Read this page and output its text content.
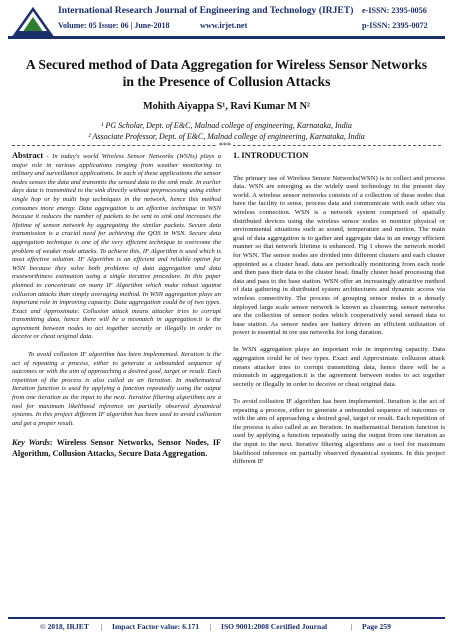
International Research Journal of Engineering and Technology (IRJET)	e-ISSN: 2395-0056
Volume: 05 Issue: 06 | June-2018	www.irjet.net	p-ISSN: 2395-0072
A Secured method of Data Aggregation for Wireless Sensor Networks in the Presence of Collusion Attacks
Mohith Aiyappa S¹, Ravi Kumar M N²
¹ PG Scholar, Dept. of E&C, Malnad college of engineering, Karnataka, India
² Associate Professor, Dept. of E&C, Malnad college of engineering, Karnataka, India
***

Abstract - In today's world Wireless Sensor Networks (WSNs) plays a major role in various applications ranging from weather monitoring to military and surveillance applications. In each of these applications the sensor nodes senses the data and transmits the sensed data to the sink node. In earlier days data is transmitted to the sink directly without preprocessing using either single hop or by multi hop techniques in the network, hence this method consumes more energy. Data aggregation is an effective technique in WSN because it reduces the number of packets to be sent to sink and increases the lifetime of sensor network by aggregating the similar packets. Secure data transmission is a crucial need for achieving the QOS in WSN. Secure data aggregation technique is one of the very efficient technique to overcome the problem of weaker node attacks. To achieve this, IF Algorithm is used which is most effective solution. IF Algorithm is an efficient and reliable option for WSN because they solve both problems of data aggregation and data trustworthiness estimation using a single iterative procedure. In this paper planned to concentrate on many IF Algorithm which make robust against collusion attacks than simply averaging method. In WSN aggregation plays an important role in improving capacity. Data aggregation could be of two types. Exact and Approximate. Collusion attack means attacker tries to corrupt transmitting data, hence there will be a mismatch in aggregation.it is the agreement between nodes to act together secretly or illegally in order to deceive or cheat original data.

To avoid collusion IF algorithm has been implemented. Iteration is the act of repeating a process, either to generate a unbounded sequence of outcomes or with the aim of approaching a desired goal, target or result. Each repetition of the process is also called as an Iteration. In mathematical Iteration function is used by applying a function repeatedly using the output from one iteration as the input to the next. Iterative filtering algorithms are a tool for maximum likelihood inference on partially observed dynamical systems. In this project different IF algorithm has been used to avoid collusion and get a proper result.

Key Words: Wireless Sensor Networks, Sensor Nodes, IF Algorithm, Collusion Attacks, Secure Data Aggregation.

1. INTRODUCTION

The primary use of Wireless Sensor Networks(WSN) is to collect and process data. WSN are emerging as the widely used technology in the present day world. A wireless sensor networks consists of a collection of these nodes that have the facility to sense, process data and communicate with each other via wireless connection. WSN is a network system comprised of spatially distributed devices using the wireless sensor nodes to monitor physical or environmental situations such as sound, temperature and motion. The main goal of data aggregation is to gather and aggregate data in an energy efficient manner so that network lifetime is enhanced. Fig 1 shows the network model for WSN. The sensor nodes are divided into different clusters and each cluster appointed as a cluster head. data are periodically monitoring from each node and then pass their data to the cluster head. finally cluster head processing that data and pass to the base station. WSN offer an increasingly attractive method of data gathering in distributed system architectures and dynamic access via wireless connectivity. The process of grouping sensor nodes in a densely deployed large scale sensor network is known as clustering. sensor networks are the collection of sensor nodes which cooperatively send sensed data to base station. As sensor nodes are battery driven an efficient utilization of power is essential in ore use networks for long duration.

In WSN aggregation plays an important role in improving capacity. Data aggregation could be of two types. Exact and Approximate. collusion attack means attacker tries to corrupt transmitting data, hence there will be a mismatch in aggregation.it is the agreement between nodes to act together secretly or illegally in order to deceive or cheat original data.

To avoid collusion IF algorithm has been implemented. Iteration is the act of repeating a process, either to generate a unbounded sequence of outcomes or with the aim of approaching a desired goal, target or result. Each repetition of the process is also called as an Iteration. In mathematical Iteration function is used by applying a function repeatedly using the output from one iteration as the input to the next. Iterative filtering algorithms are a tool for maximum likelihood inference on partially observed dynamical systems. In this project different IF

© 2018, IRJET | Impact Factor value: 6.171 | ISO 9001:2008 Certified Journal	| Page 259
